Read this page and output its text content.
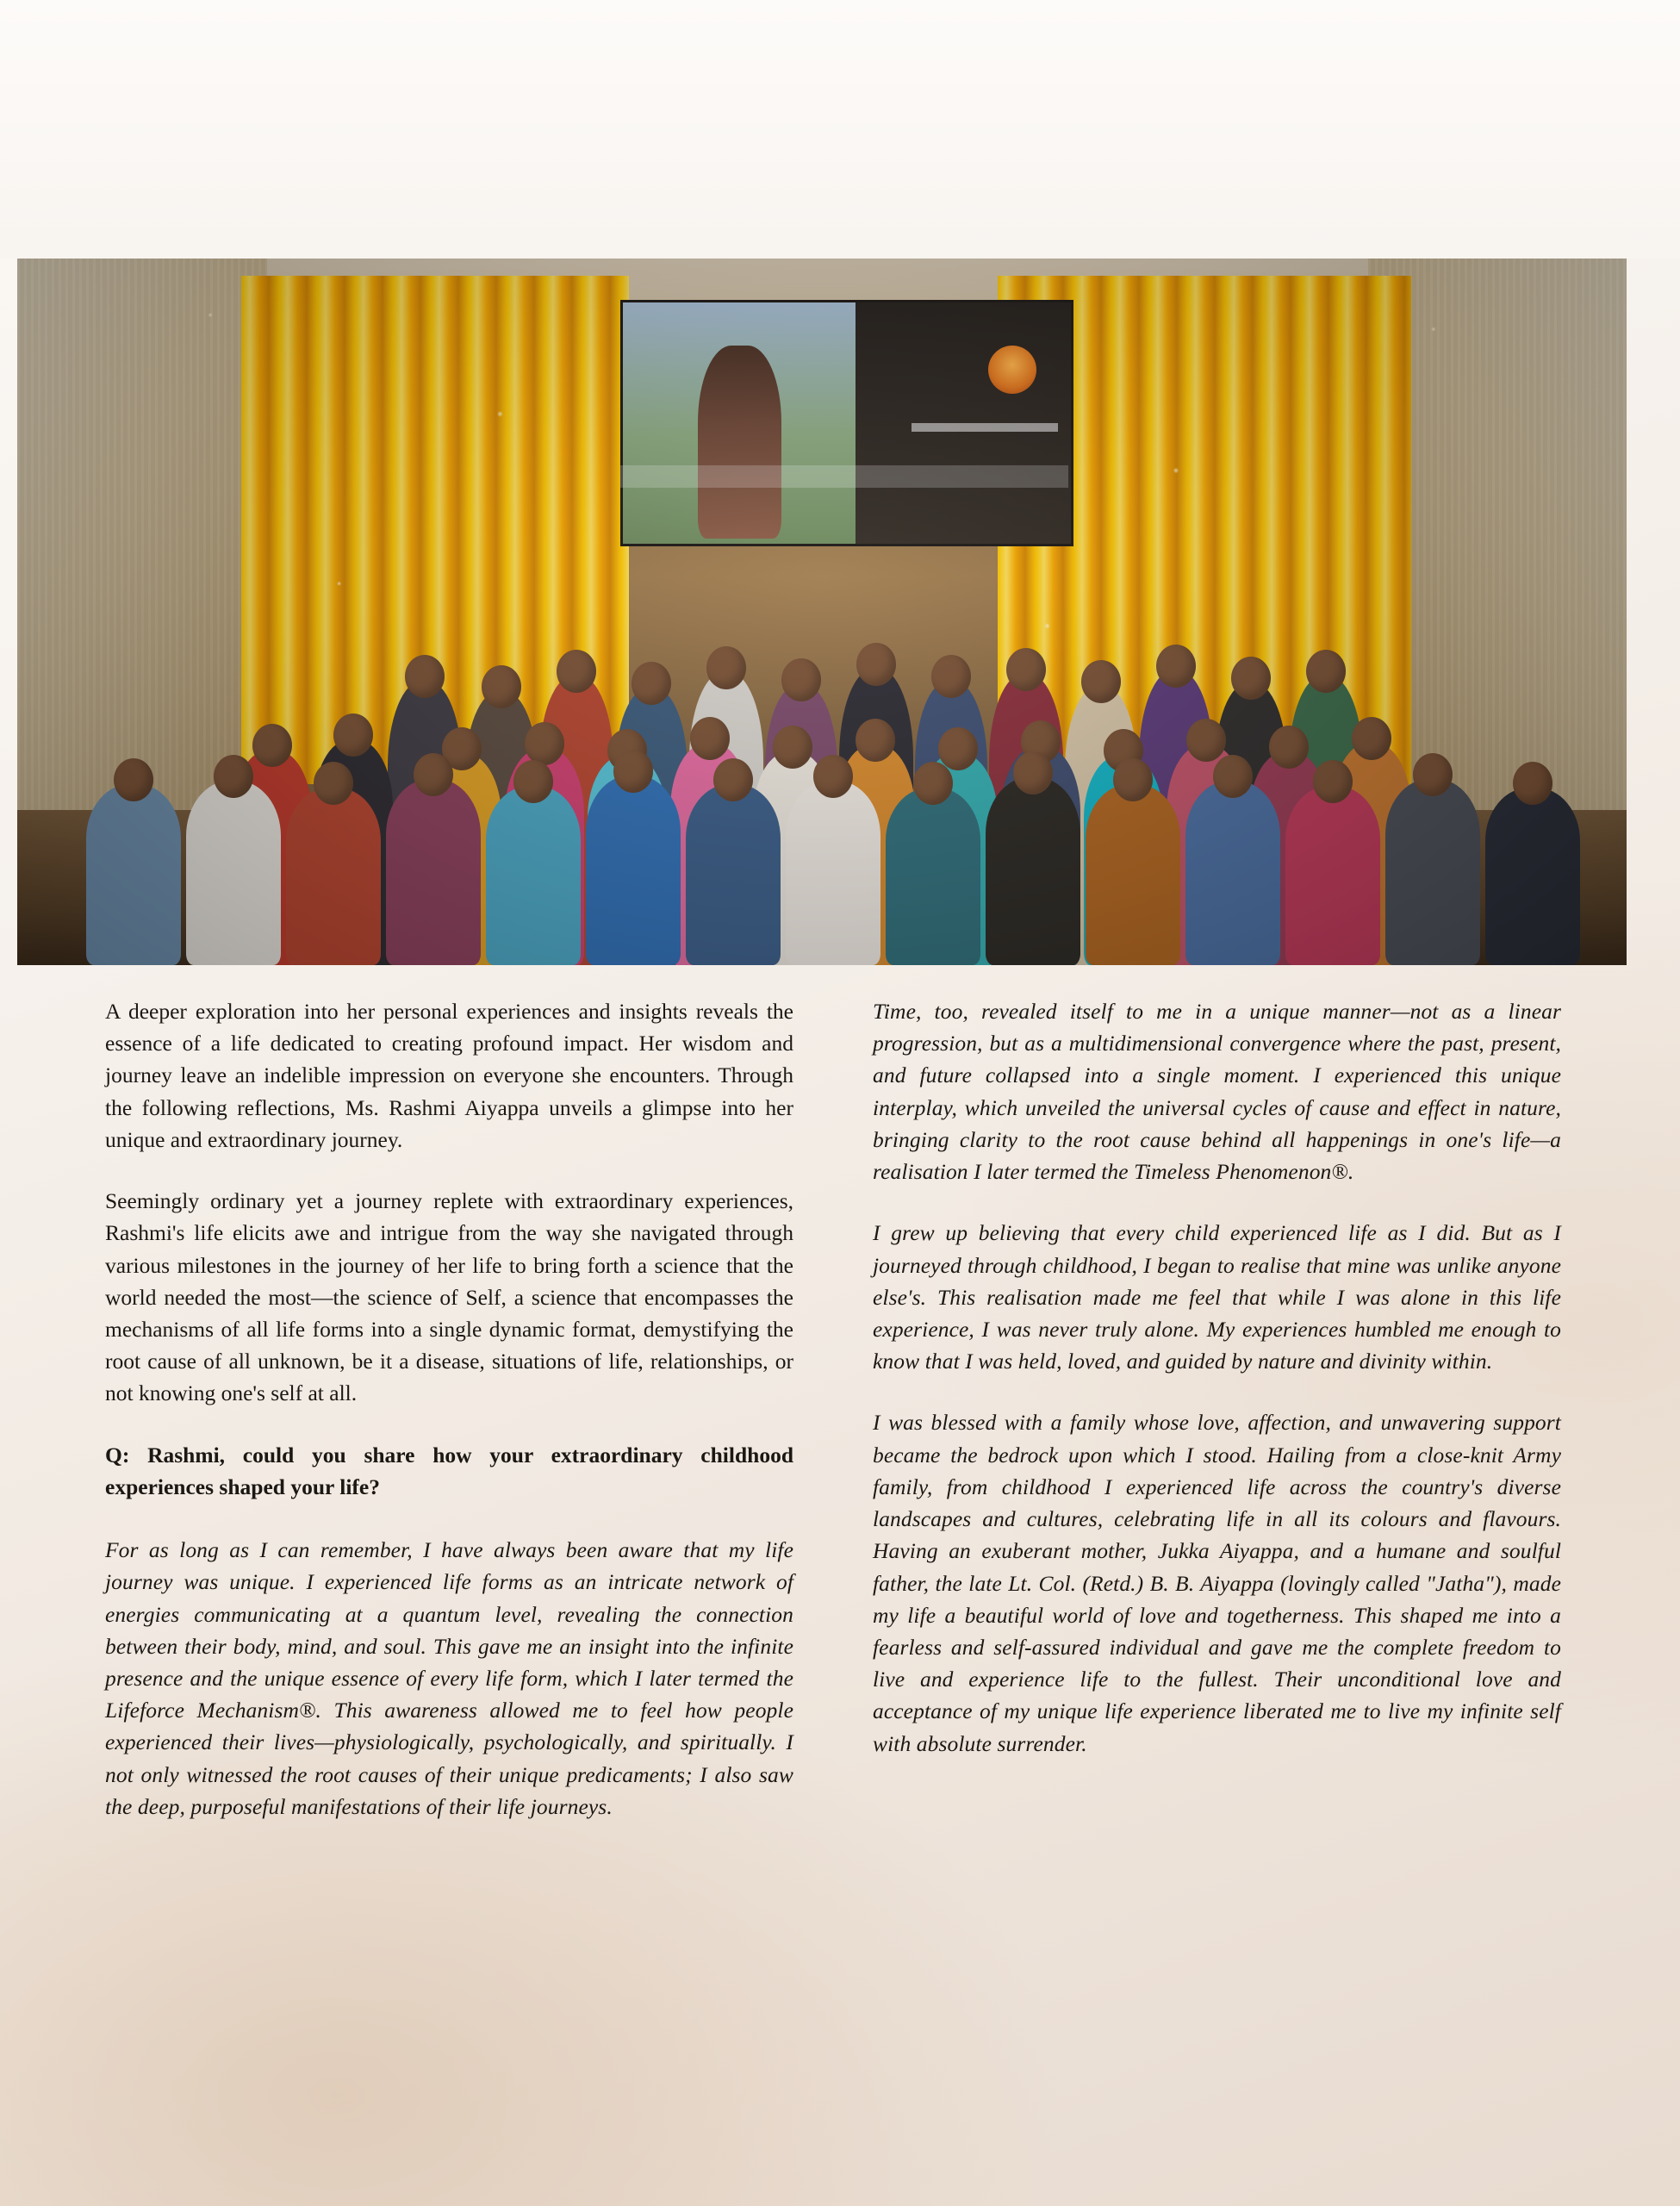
A deeper exploration into her personal experiences and insights reveals the essence of a life dedicated to creating profound impact. Her wisdom and journey leave an indelible impression on everyone she encounters. Through the following reflections, Ms. Rashmi Aiyappa unveils a glimpse into her unique and extraordinary journey.

Seemingly ordinary yet a journey replete with extraordinary experiences, Rashmi's life elicits awe and intrigue from the way she navigated through various milestones in the journey of her life to bring forth a science that the world needed the most—the science of Self, a science that encompasses the mechanisms of all life forms into a single dynamic format, demystifying the root cause of all unknown, be it a disease, situations of life, relationships, or not knowing one's self at all.

Q: Rashmi, could you share how your extraordinary childhood experiences shaped your life?

For as long as I can remember, I have always been aware that my life journey was unique. I experienced life forms as an intricate network of energies communicating at a quantum level, revealing the connection between their body, mind, and soul. This gave me an insight into the infinite presence and the unique essence of every life form, which I later termed the Lifeforce Mechanism®. This awareness allowed me to feel how people experienced their lives—physiologically, psychologically, and spiritually. I not only witnessed the root causes of their unique predicaments; I also saw the deep, purposeful manifestations of their life journeys.

Time, too, revealed itself to me in a unique manner—not as a linear progression, but as a multidimensional convergence where the past, present, and future collapsed into a single moment. I experienced this unique interplay, which unveiled the universal cycles of cause and effect in nature, bringing clarity to the root cause behind all happenings in one's life—a realisation I later termed the Timeless Phenomenon®.

I grew up believing that every child experienced life as I did. But as I journeyed through childhood, I began to realise that mine was unlike anyone else's. This realisation made me feel that while I was alone in this life experience, I was never truly alone. My experiences humbled me enough to know that I was held, loved, and guided by nature and divinity within.

I was blessed with a family whose love, affection, and unwavering support became the bedrock upon which I stood. Hailing from a close-knit Army family, from childhood I experienced life across the country's diverse landscapes and cultures, celebrating life in all its colours and flavours. Having an exuberant mother, Jukka Aiyappa, and a humane and soulful father, the late Lt. Col. (Retd.) B. B. Aiyappa (lovingly called "Jatha"), made my life a beautiful world of love and togetherness. This shaped me into a fearless and self-assured individual and gave me the complete freedom to live and experience life to the fullest. Their unconditional love and acceptance of my unique life experience liberated me to live my infinite self with absolute surrender.
